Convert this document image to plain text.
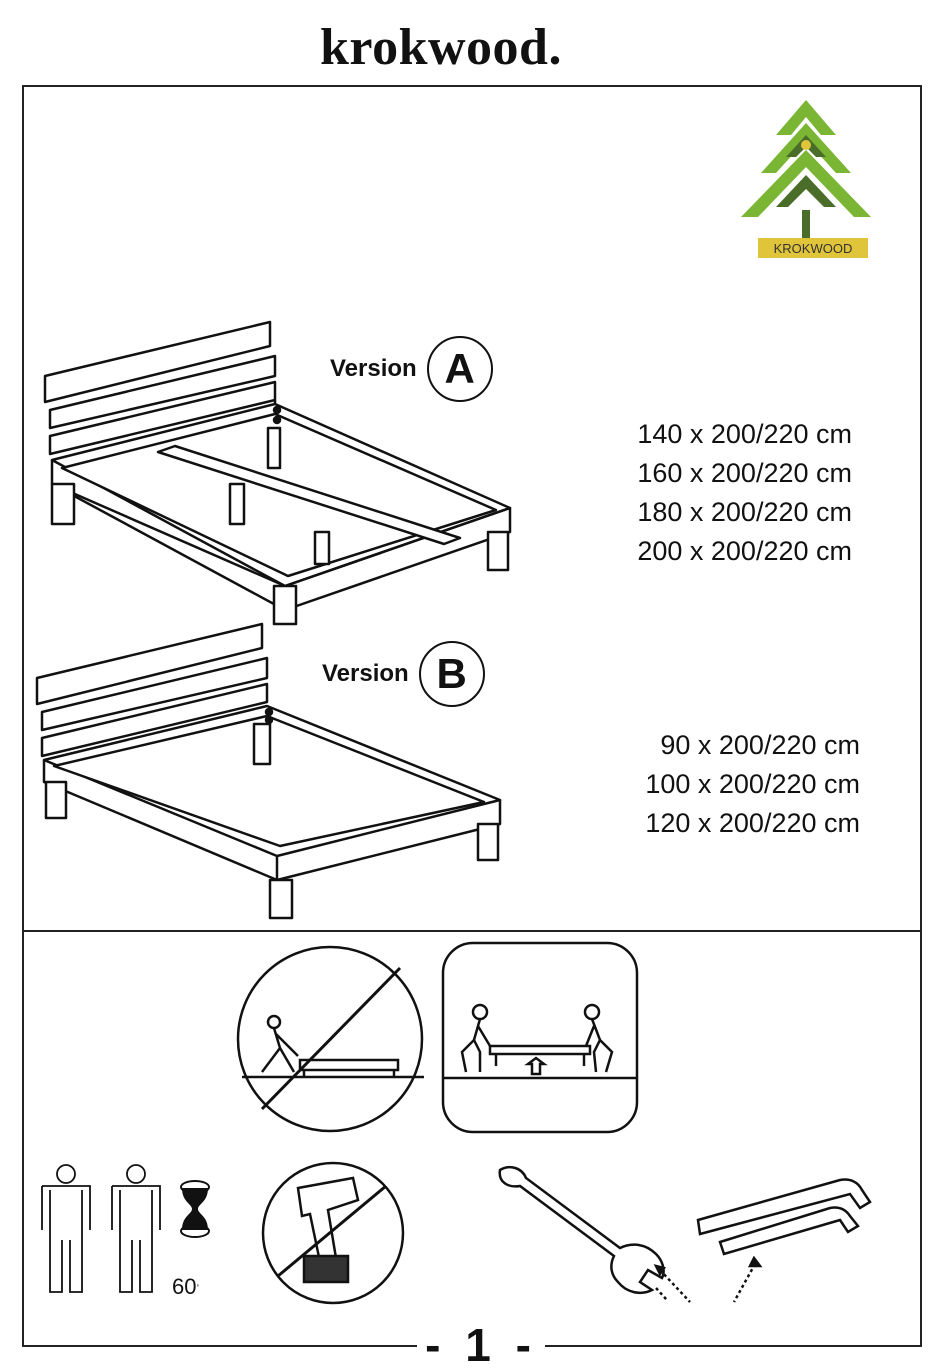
krokwood.
KROKWOOD
Version A
140 x 200/220 cm
160 x 200/220 cm
180 x 200/220 cm
200 x 200/220 cm
Version B
90 x 200/220 cm
100 x 200/220 cm
120 x 200/220 cm
60,
- 1 -
